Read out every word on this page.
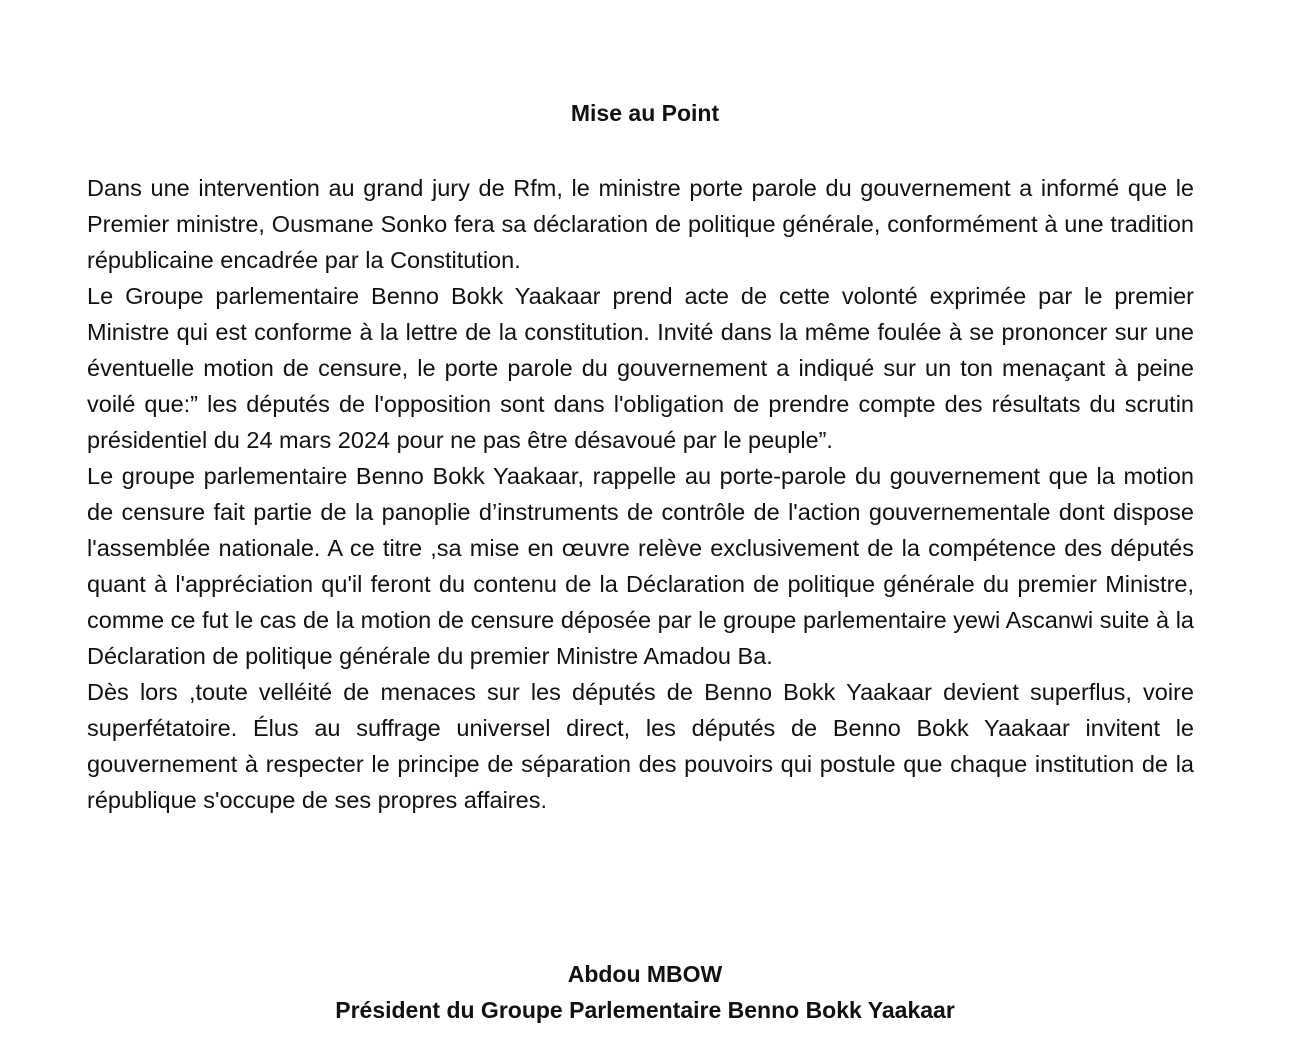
Mise au Point

Dans une intervention au grand jury de Rfm, le ministre porte parole du gouvernement a informé que le Premier ministre, Ousmane Sonko fera sa déclaration de politique générale, conformément à une tradition républicaine encadrée par la Constitution.

Le Groupe parlementaire Benno Bokk Yaakaar prend acte de cette volonté exprimée par le premier Ministre qui est conforme à la lettre de la constitution. Invité dans la même foulée à se prononcer sur une éventuelle motion de censure, le porte parole du gouvernement a indiqué sur un ton menaçant à peine voilé que:” les députés de l'opposition sont dans l'obligation de prendre compte des résultats du scrutin présidentiel du 24 mars 2024 pour ne pas être désavoué par le peuple”.

Le groupe parlementaire Benno Bokk Yaakaar, rappelle au porte-parole du gouvernement que la motion de censure fait partie de la panoplie d’instruments de contrôle de l'action gouvernementale dont dispose l'assemblée nationale. A ce titre ,sa mise en œuvre relève exclusivement de la compétence des députés quant à l'appréciation qu'il feront du contenu de la Déclaration de politique générale du premier Ministre, comme ce fut le cas de la motion de censure déposée par le groupe parlementaire yewi Ascanwi suite à la Déclaration de politique générale du premier Ministre Amadou Ba.

Dès lors ,toute velléité de menaces sur les députés de Benno Bokk Yaakaar devient superflus, voire superfétatoire. Élus au suffrage universel direct, les députés de Benno Bokk Yaakaar invitent le gouvernement à respecter le principe de séparation des pouvoirs qui postule que chaque institution de la république s'occupe de ses propres affaires.

Abdou MBOW
Président du Groupe Parlementaire Benno Bokk Yaakaar
